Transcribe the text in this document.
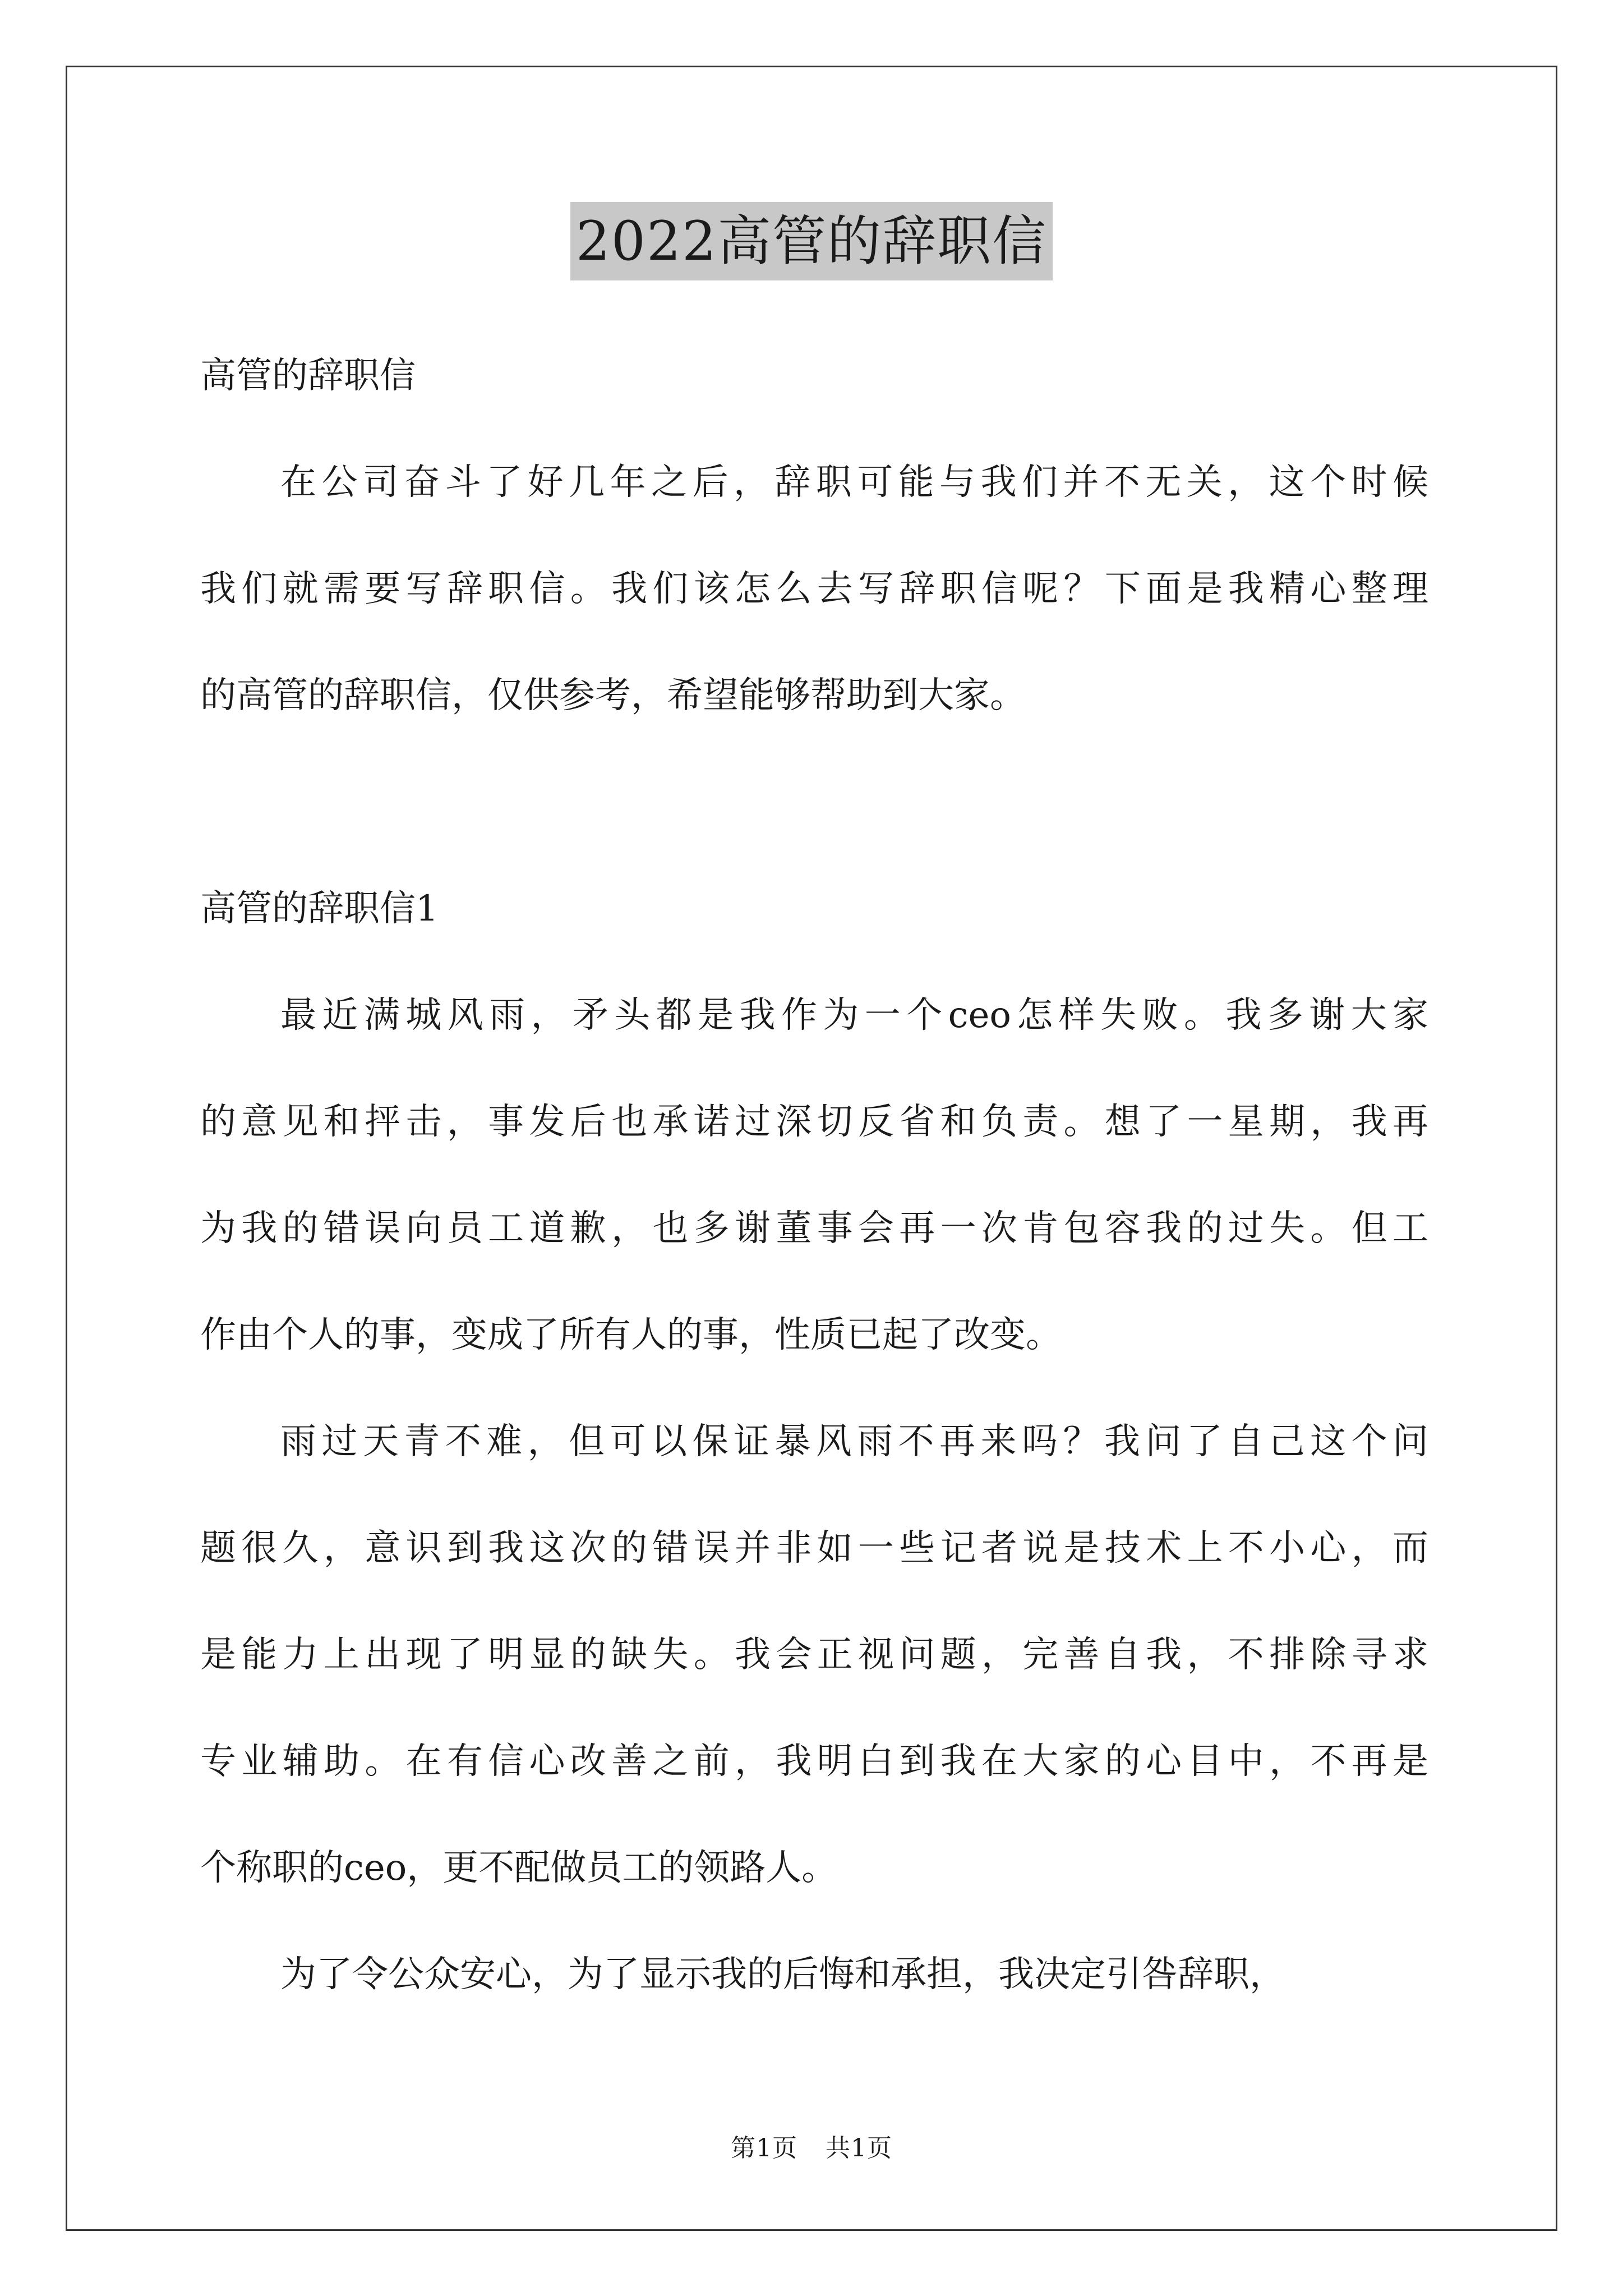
2022高管的辞职信
高管的辞职信
在公司奋斗了好几年之后，辞职可能与我们并不无关，这个时候
我们就需要写辞职信。我们该怎么去写辞职信呢？下面是我精心整理
的高管的辞职信，仅供参考，希望能够帮助到大家。
高管的辞职信1
最近满城风雨，矛头都是我作为一个ceo怎样失败。我多谢大家
的意见和抨击，事发后也承诺过深切反省和负责。想了一星期，我再
为我的错误向员工道歉，也多谢董事会再一次肯包容我的过失。但工
作由个人的事，变成了所有人的事，性质已起了改变。
雨过天青不难，但可以保证暴风雨不再来吗？我问了自己这个问
题很久，意识到我这次的错误并非如一些记者说是技术上不小心，而
是能力上出现了明显的缺失。我会正视问题，完善自我，不排除寻求
专业辅助。在有信心改善之前，我明白到我在大家的心目中，不再是
个称职的ceo，更不配做员工的领路人。
为了令公众安心，为了显示我的后悔和承担，我决定引咎辞职，
第1页 共1页
